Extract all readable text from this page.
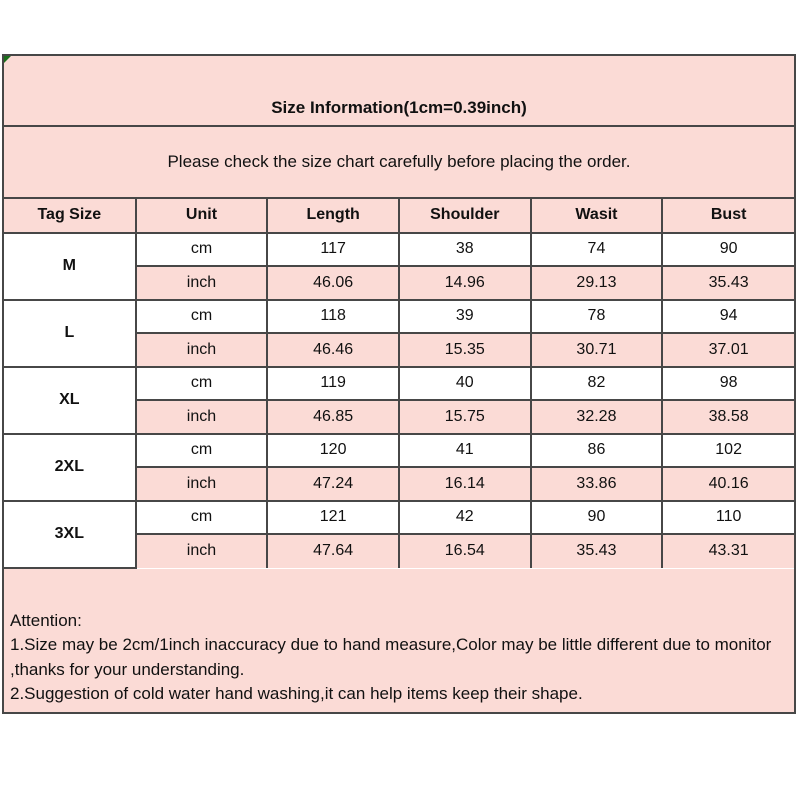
Size Information(1cm=0.39inch)
Please check the size chart carefully before placing the order.
Tag Size	Unit	Length	Shoulder	Wasit	Bust
M	cm	117	38	74	90
	inch	46.06	14.96	29.13	35.43
L	cm	118	39	78	94
	inch	46.46	15.35	30.71	37.01
XL	cm	119	40	82	98
	inch	46.85	15.75	32.28	38.58
2XL	cm	120	41	86	102
	inch	47.24	16.14	33.86	40.16
3XL	cm	121	42	90	110
	inch	47.64	16.54	35.43	43.31
Attention:
1.Size may be 2cm/1inch inaccuracy due to hand measure,Color may be little different due to monitor ,thanks for your understanding.
2.Suggestion of cold water hand washing,it can help items keep their shape.
